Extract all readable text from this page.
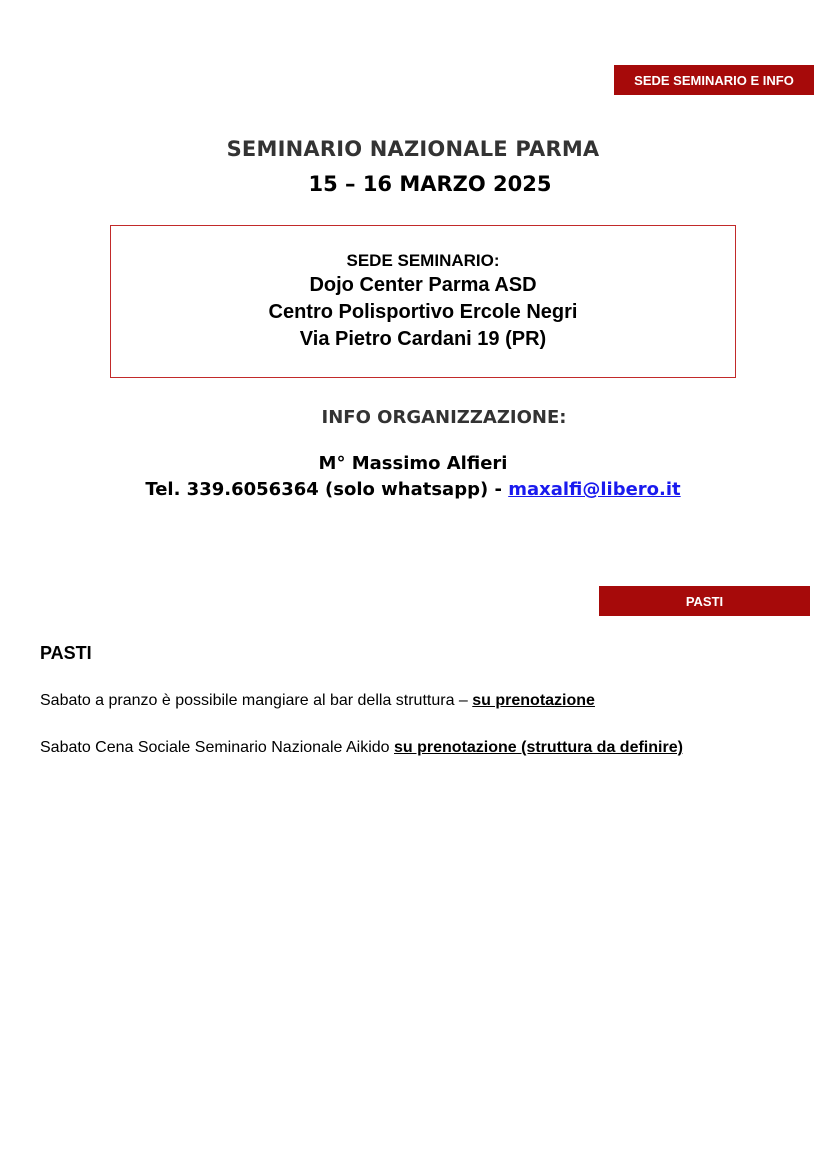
SEDE SEMINARIO E INFO
SEMINARIO NAZIONALE PARMA
15 – 16 MARZO 2025
SEDE SEMINARIO:
Dojo Center Parma ASD
Centro Polisportivo Ercole Negri
Via Pietro Cardani 19 (PR)
INFO ORGANIZZAZIONE:
M° Massimo Alfieri
Tel. 339.6056364 (solo whatsapp) - maxalfi@libero.it
PASTI
PASTI
Sabato a pranzo è possibile mangiare al bar della struttura – su prenotazione
Sabato Cena Sociale Seminario Nazionale Aikido su prenotazione (struttura da definire)
